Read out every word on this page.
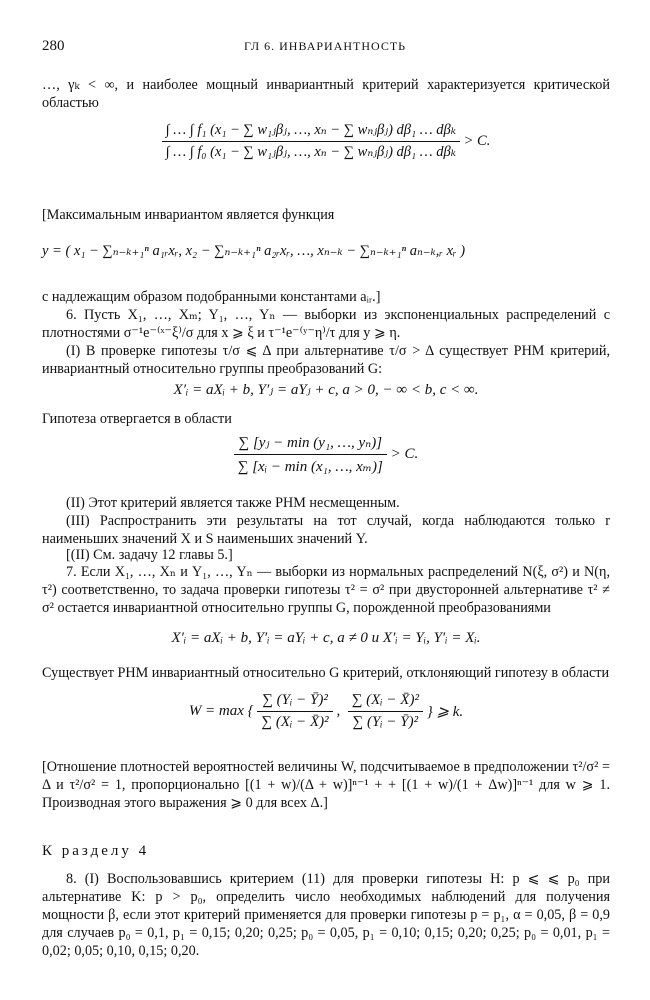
280	ГЛ 6. ИНВАРИАНТНОСТЬ
…, γₖ < ∞, и наиболее мощный инвариантный критерий характеризуется критической областью
$\frac{\text{∫ … ∫ f₁ (x₁ − ∑ w₁ⱼβⱼ, …, xₙ − ∑ wₙⱼβⱼ) dβ₁ … dβₖ}}{\text{∫ … ∫ f₀ (x₁ − ∑ w₁ⱼβⱼ, …, xₙ − ∑ wₙⱼβⱼ) dβ₁ … dβₖ}} > C$.
[Максимальным инвариантом является функция
y = ( x₁ − ∑ₙ₋ₖ₊₁ⁿ a₁ᵣxᵣ, x₂ − ∑ₙ₋ₖ₊₁ⁿ a₂ᵣxᵣ, …, xₙ₋ₖ − ∑ₙ₋ₖ₊₁ⁿ aₙ₋ₖ,ᵣ xᵣ )
с надлежащим образом подобранными константами aᵢᵣ.]
6. Пусть X₁, …, Xₘ; Y₁, …, Yₙ — выборки из экспоненциальных распределений с плотностями σ⁻¹e⁻⁽ˣ⁻ξ⁾/σ для x ⩾ ξ и τ⁻¹e⁻⁽ʸ⁻η⁾/τ для y ⩾ η.
(I) В проверке гипотезы τ/σ ⩽ Δ при альтернативе τ/σ > Δ существует РНМ критерий, инвариантный относительно группы преобразований G:
X′ᵢ = aXᵢ + b, Y′ⱼ = aYⱼ + c, a > 0, − ∞ < b, c < ∞.
Гипотеза отвергается в области
$\frac{\text{∑ [yⱼ − min (y₁, …, yₙ)]}}{\text{∑ [xᵢ − min (x₁, …, xₘ)]}} > C$.
(II) Этот критерий является также РНМ несмещенным.
(III) Распространить эти результаты на тот случай, когда наблюдаются только r наименьших значений X и S наименьших значений Y.
[(II) См. задачу 12 главы 5.]
7. Если X₁, …, Xₙ и Y₁, …, Yₙ — выборки из нормальных распределений N(ξ, σ²) и N(η, τ²) соответственно, то задача проверки гипотезы τ² = σ² при двусторонней альтернативе τ² ≠ σ² остается инвариантной относительно группы G, порожденной преобразованиями
X′ᵢ = aXᵢ + b, Y′ᵢ = aYᵢ + c, a ≠ 0 и X′ᵢ = Yᵢ, Y′ᵢ = Xᵢ.
Существует РНМ инвариантный относительно G критерий, отклоняющий гипотезу в области
W = max { $\frac{\text{∑ (Yᵢ − Ȳ)²}}{\text{∑ (Xᵢ − X̄)²}}$ , $\frac{\text{∑ (Xᵢ − X̄)²}}{\text{∑ (Yᵢ − Ȳ)²}}$ } ⩾ k.
[Отношение плотностей вероятностей величины W, подсчитываемое в предположении τ²/σ² = Δ и τ²/σ² = 1, пропорционально [(1 + w)/(Δ + w)]ⁿ⁻¹ + + [(1 + w)/(1 + Δw)]ⁿ⁻¹ для w ⩾ 1. Производная этого выражения ⩾ 0 для всех Δ.]
К разделу 4
8. (I) Воспользовавшись критерием (11) для проверки гипотезы H: p ⩽ ⩽ p₀ при альтернативе K: p > p₀, определить число необходимых наблюдений для получения мощности β, если этот критерий применяется для проверки гипотезы p = p₁, α = 0,05, β = 0,9 для случаев p₀ = 0,1, p₁ = 0,15; 0,20; 0,25; p₀ = 0,05, p₁ = 0,10; 0,15; 0,20; 0,25; p₀ = 0,01, p₁ = 0,02; 0,05; 0,10, 0,15; 0,20.
